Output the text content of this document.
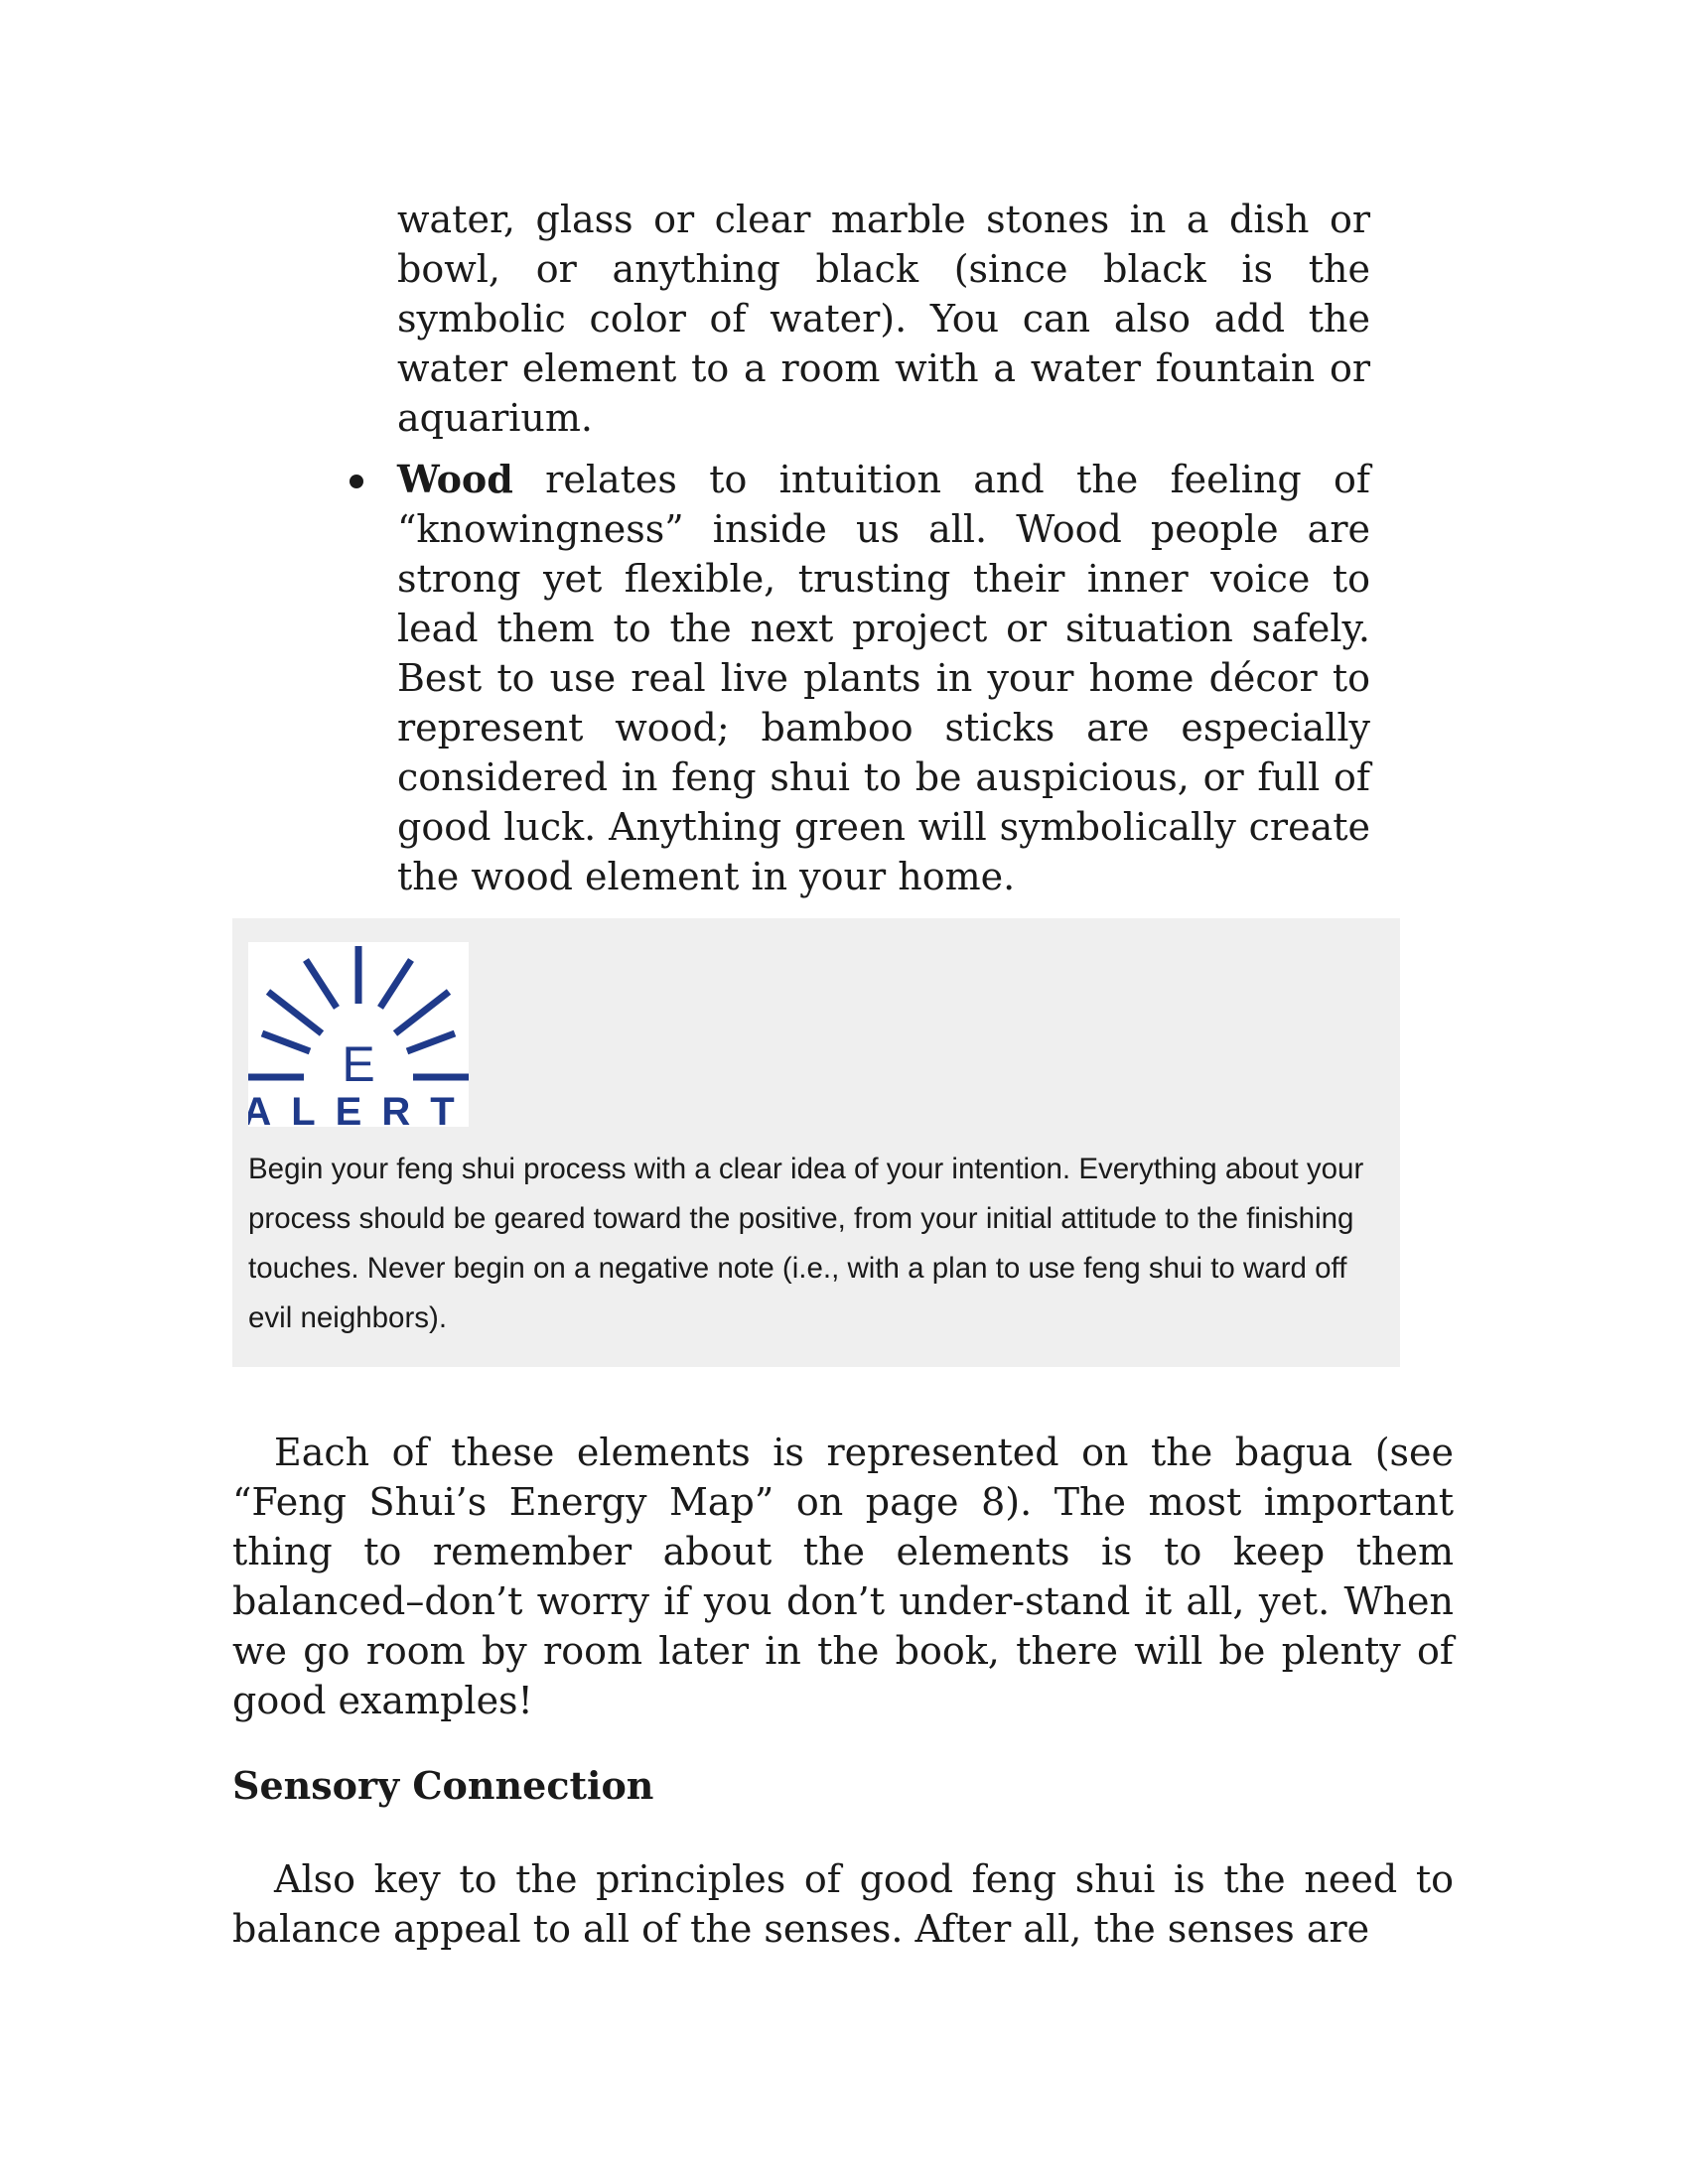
water, glass or clear marble stones in a dish or bowl, or anything black (since black is the symbolic color of water). You can also add the water element to a room with a water fountain or aquarium.

Wood relates to intuition and the feeling of “knowingness” inside us all. Wood people are strong yet flexible, trusting their inner voice to lead them to the next project or situation safely. Best to use real live plants in your home décor to represent wood; bamboo sticks are especially considered in feng shui to be auspicious, or full of good luck. Anything green will symbolically create the wood element in your home.

E
ALERT

Begin your feng shui process with a clear idea of your intention. Everything about your process should be geared toward the positive, from your initial attitude to the finishing touches. Never begin on a negative note (i.e., with a plan to use feng shui to ward off evil neighbors).

Each of these elements is represented on the bagua (see “Feng Shui’s Energy Map” on page 8). The most important thing to remember about the elements is to keep them balanced–don’t worry if you don’t under-stand it all, yet. When we go room by room later in the book, there will be plenty of good examples!

Sensory Connection

Also key to the principles of good feng shui is the need to balance appeal to all of the senses. After all, the senses are
